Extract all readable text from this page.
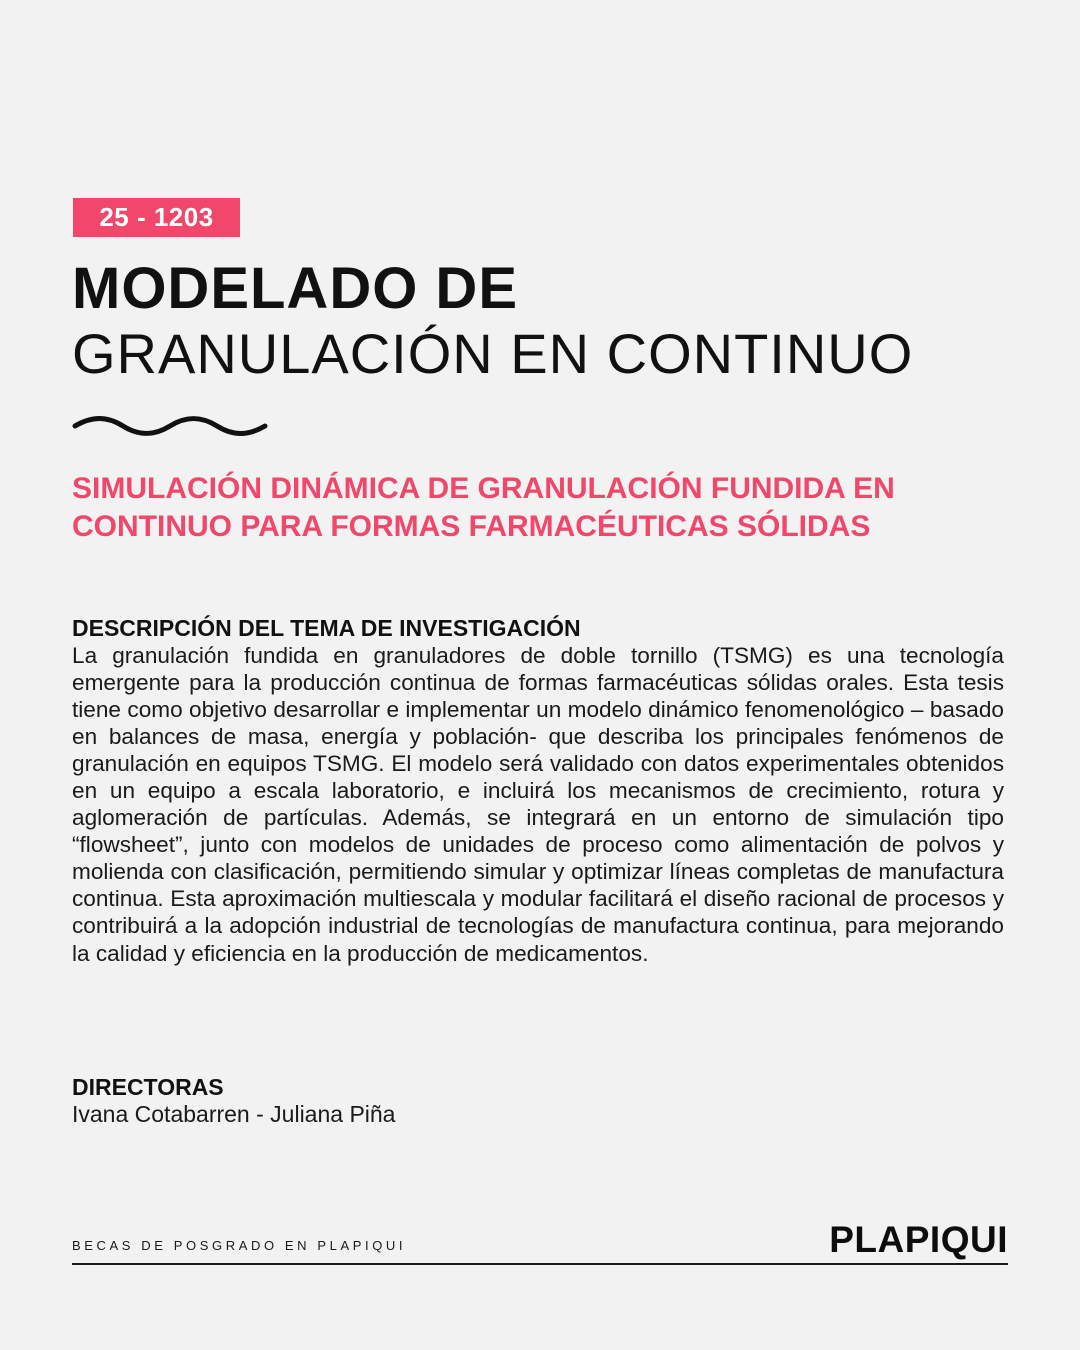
25 - 1203
MODELADO DE
GRANULACIÓN EN CONTINUO
SIMULACIÓN DINÁMICA DE GRANULACIÓN FUNDIDA EN CONTINUO PARA FORMAS FARMACÉUTICAS SÓLIDAS
DESCRIPCIÓN DEL TEMA DE INVESTIGACIÓN
La granulación fundida en granuladores de doble tornillo (TSMG) es una tecnología emergente para la producción continua de formas farmacéuticas sólidas orales. Esta tesis tiene como objetivo desarrollar e implementar un modelo dinámico fenomenológico – basado en balances de masa, energía y población- que describa los principales fenómenos de granulación en equipos TSMG. El modelo será validado con datos experimentales obtenidos en un equipo a escala laboratorio, e incluirá los mecanismos de crecimiento, rotura y aglomeración de partículas. Además, se integrará en un entorno de simulación tipo “flowsheet”, junto con modelos de unidades de proceso como alimentación de polvos y molienda con clasificación, permitiendo simular y optimizar líneas completas de manufactura continua. Esta aproximación multiescala y modular facilitará el diseño racional de procesos y contribuirá a la adopción industrial de tecnologías de manufactura continua, para mejorando la calidad y eficiencia en la producción de medicamentos.
DIRECTORAS
Ivana Cotabarren - Juliana Piña
BECAS DE POSGRADO EN PLAPIQUI	PLAPIQUI
